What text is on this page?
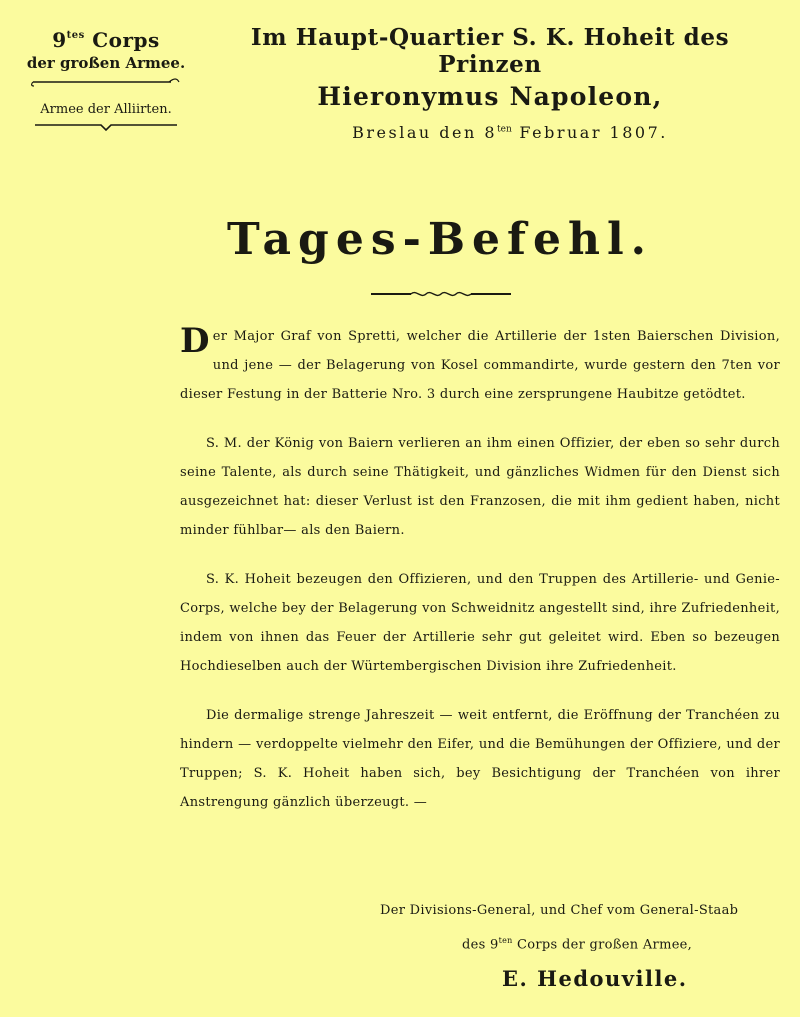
$9^{tes}$ Corps
der großen Armee.
Armee der Alliirten.
Im Haupt-Quartier S. K. Hoheit des Prinzen
Hieronymus Napoleon,
Breslau den $8^{ten}$ Februar 1807.
Tages-Befehl.

Der Major Graf von Spretti, welcher die Artillerie der 1sten Baierschen Division, und jene — der Belagerung von Kosel commandirte, wurde gestern den 7ten vor dieser Festung in der Batterie Nro. 3 durch eine zersprungene Haubitze getödtet.

S. M. der König von Baiern verlieren an ihm einen Offizier, der eben so sehr durch seine Talente, als durch seine Thätigkeit, und gänzliches Widmen für den Dienst sich ausgezeichnet hat: dieser Verlust ist den Franzosen, die mit ihm gedient haben, nicht minder fühlbar— als den Baiern.

S. K. Hoheit bezeugen den Offizieren, und den Truppen des Artillerie- und Genie-Corps, welche bey der Belagerung von Schweidnitz angestellt sind, ihre Zufriedenheit, indem von ihnen das Feuer der Artillerie sehr gut geleitet wird. Eben so bezeugen Hochdieselben auch der Würtembergischen Division ihre Zufriedenheit.

Die dermalige strenge Jahreszeit — weit entfernt, die Eröffnung der Tranchéen zu hindern — verdoppelte vielmehr den Eifer, und die Bemühungen der Offiziere, und der Truppen; S. K. Hoheit haben sich, bey Besichtigung der Tranchéen von ihrer Anstrengung gänzlich überzeugt. —

Der Divisions-General, und Chef vom General-Staab
des $9^{ten}$ Corps der großen Armee,
E. Hedouville.
